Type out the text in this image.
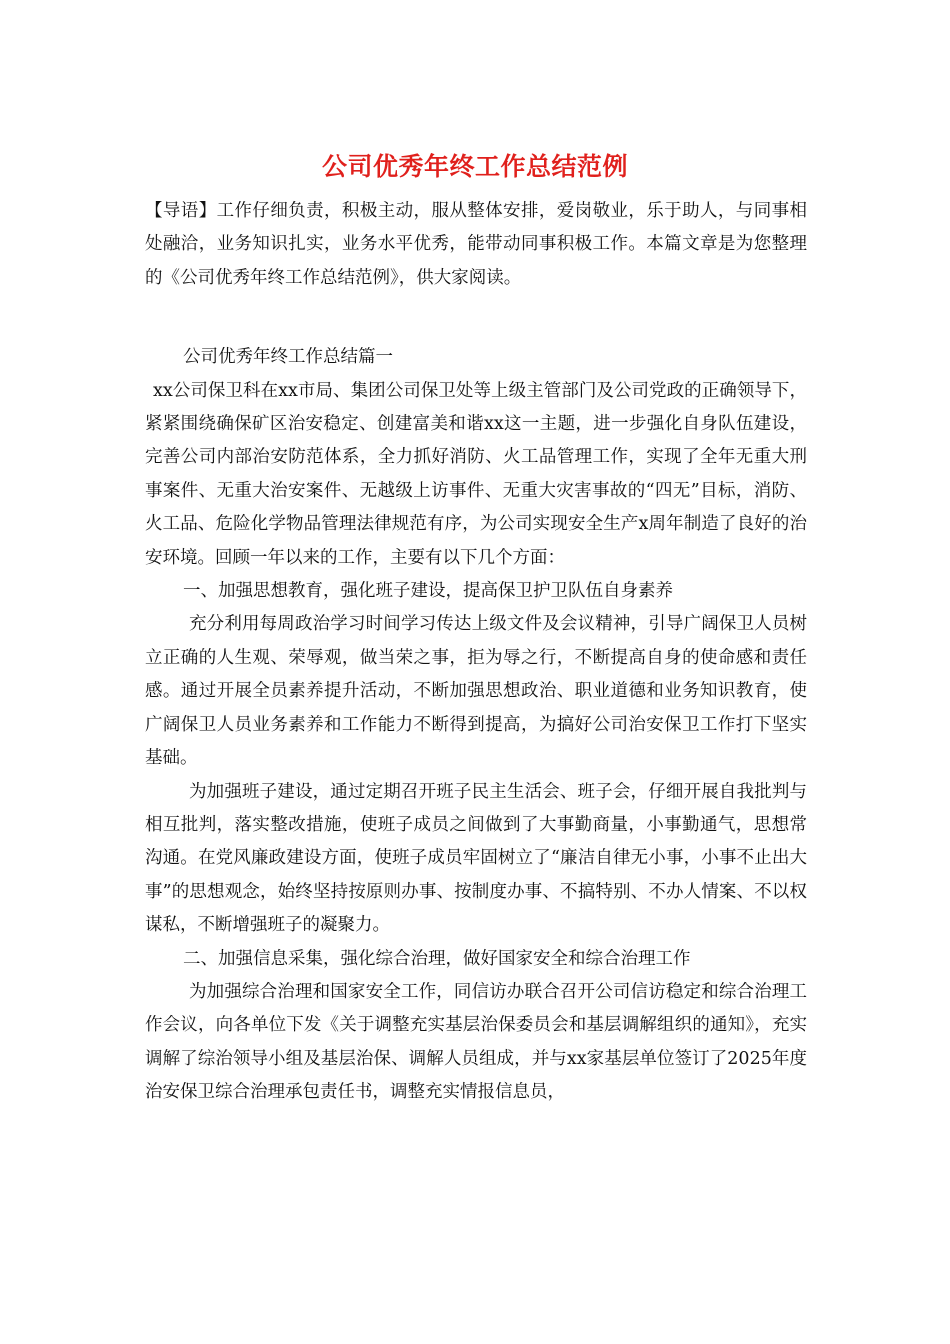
公司优秀年终工作总结范例

【导语】工作仔细负责，积极主动，服从整体安排，爱岗敬业，乐于助人，与同事相处融洽，业务知识扎实，业务水平优秀，能带动同事积极工作。本篇文章是为您整理的《公司优秀年终工作总结范例》，供大家阅读。

公司优秀年终工作总结篇一

xx公司保卫科在xx市局、集团公司保卫处等上级主管部门及公司党政的正确领导下，紧紧围绕确保矿区治安稳定、创建富美和谐xx这一主题，进一步强化自身队伍建设，完善公司内部治安防范体系，全力抓好消防、火工品管理工作，实现了全年无重大刑事案件、无重大治安案件、无越级上访事件、无重大灾害事故的“四无”目标，消防、火工品、危险化学物品管理法律规范有序，为公司实现安全生产x周年制造了良好的治安环境。回顾一年以来的工作，主要有以下几个方面：

一、加强思想教育，强化班子建设，提高保卫护卫队伍自身素养

充分利用每周政治学习时间学习传达上级文件及会议精神，引导广阔保卫人员树立正确的人生观、荣辱观，做当荣之事，拒为辱之行，不断提高自身的使命感和责任感。通过开展全员素养提升活动，不断加强思想政治、职业道德和业务知识教育，使广阔保卫人员业务素养和工作能力不断得到提高，为搞好公司治安保卫工作打下坚实基础。

为加强班子建设，通过定期召开班子民主生活会、班子会，仔细开展自我批判与相互批判，落实整改措施，使班子成员之间做到了大事勤商量，小事勤通气，思想常沟通。在党风廉政建设方面，使班子成员牢固树立了“廉洁自律无小事，小事不止出大事”的思想观念，始终坚持按原则办事、按制度办事、不搞特别、不办人情案、不以权谋私，不断增强班子的凝聚力。

二、加强信息采集，强化综合治理，做好国家安全和综合治理工作

为加强综合治理和国家安全工作，同信访办联合召开公司信访稳定和综合治理工作会议，向各单位下发《关于调整充实基层治保委员会和基层调解组织的通知》，充实调解了综治领导小组及基层治保、调解人员组成，并与xx家基层单位签订了2025年度治安保卫综合治理承包责任书，调整充实情报信息员，
